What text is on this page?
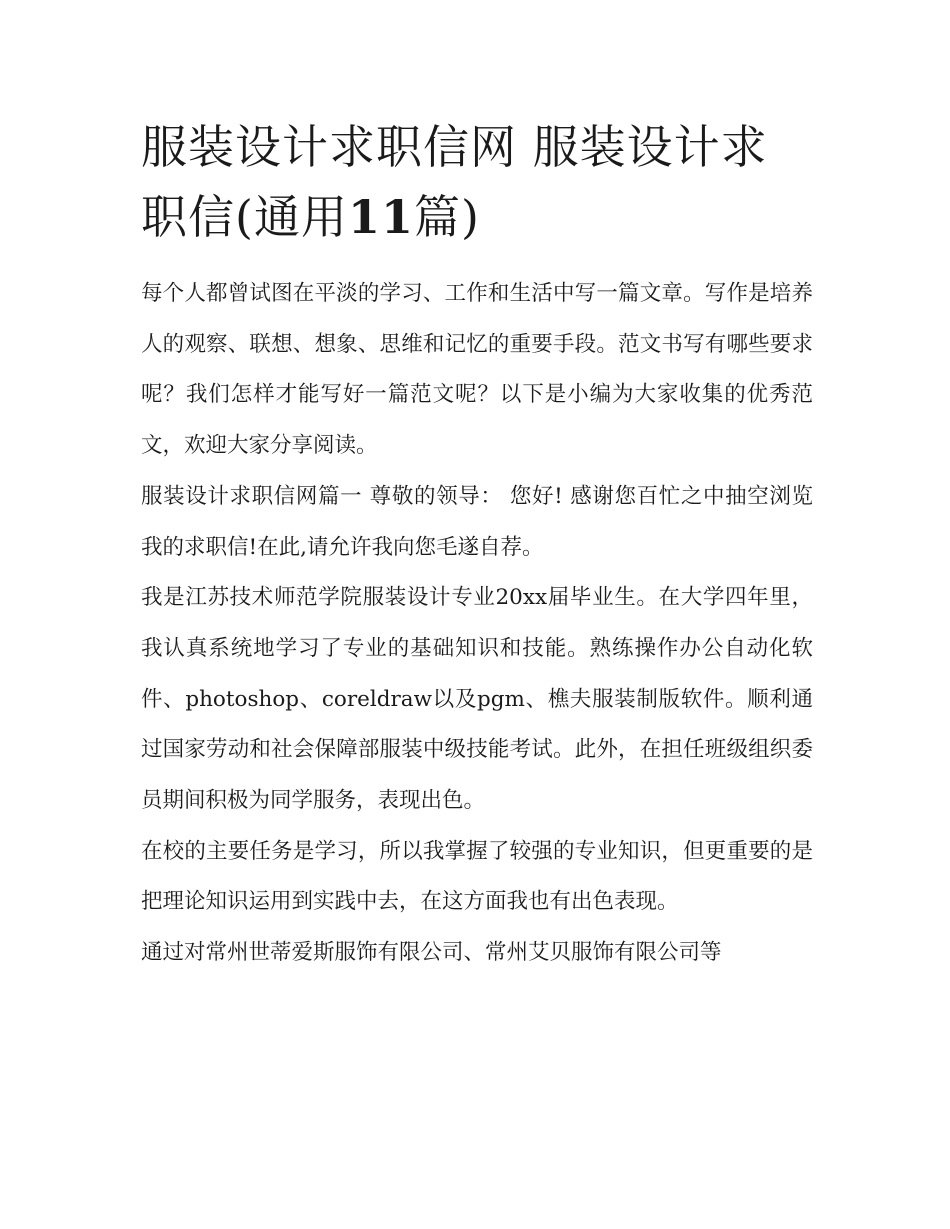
服装设计求职信网 服装设计求职信(通用11篇)

每个人都曾试图在平淡的学习、工作和生活中写一篇文章。写作是培养人的观察、联想、想象、思维和记忆的重要手段。范文书写有哪些要求呢？我们怎样才能写好一篇范文呢？以下是小编为大家收集的优秀范文，欢迎大家分享阅读。

服装设计求职信网篇一 尊敬的领导： 您好! 感谢您百忙之中抽空浏览我的求职信!在此,请允许我向您毛遂自荐。

我是江苏技术师范学院服装设计专业20xx届毕业生。在大学四年里，我认真系统地学习了专业的基础知识和技能。熟练操作办公自动化软件、photoshop、coreldraw以及pgm、樵夫服装制版软件。顺利通过国家劳动和社会保障部服装中级技能考试。此外，在担任班级组织委员期间积极为同学服务，表现出色。

在校的主要任务是学习，所以我掌握了较强的专业知识，但更重要的是把理论知识运用到实践中去，在这方面我也有出色表现。

通过对常州世蒂爱斯服饰有限公司、常州艾贝服饰有限公司等
